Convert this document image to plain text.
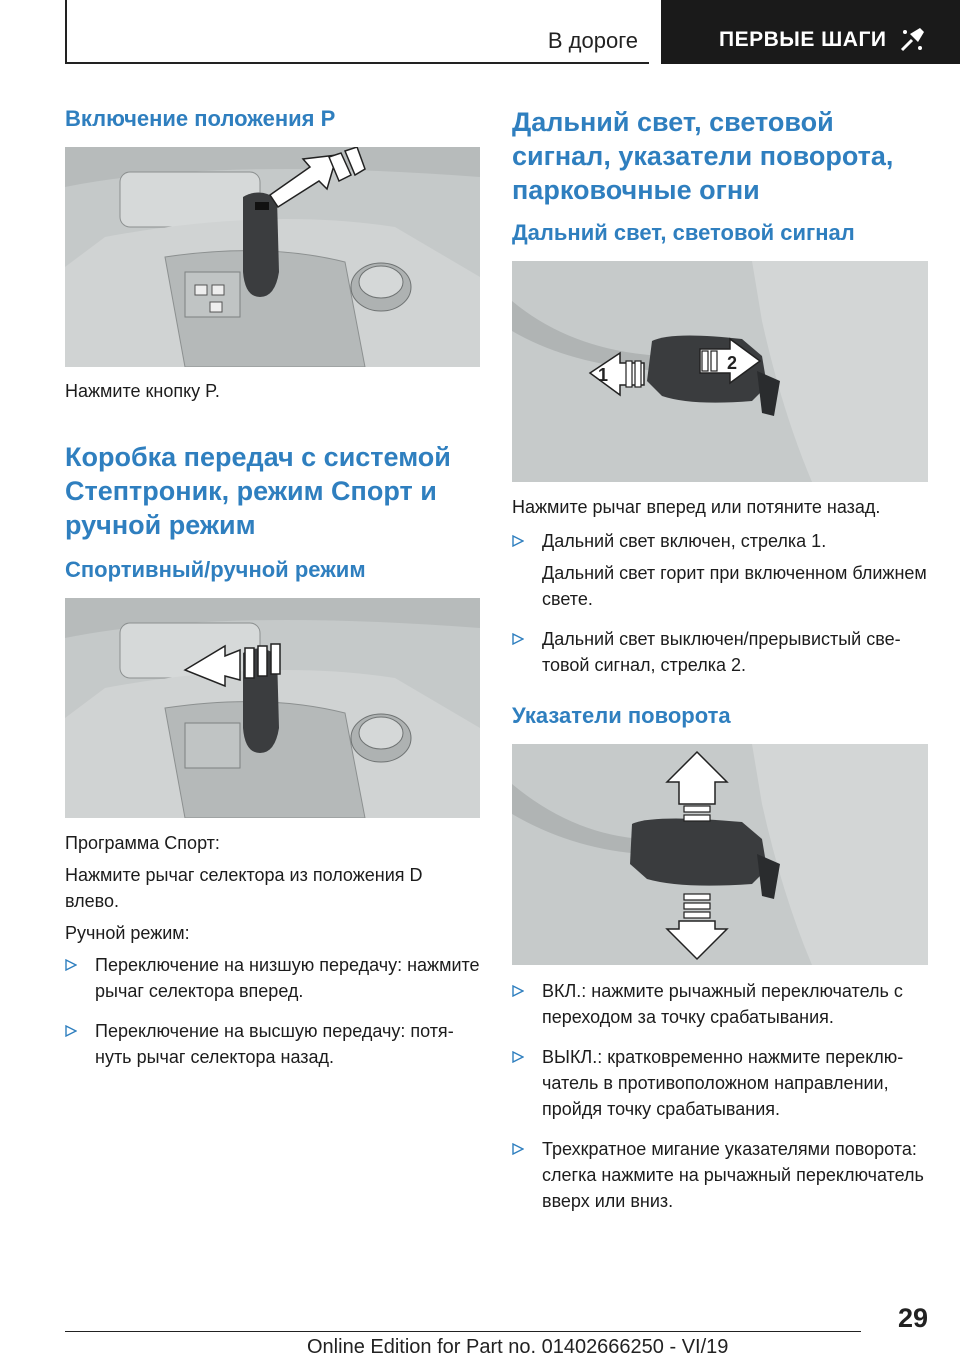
В дороге	ПЕРВЫЕ ШАГИ
Включение положения P

Нажмите кнопку P.

Коробка передач с системой Стептроник, режим Спорт и ручной режим
Спортивный/ручной режим

Программа Спорт:

Нажмите рычаг селектора из положения D влево.

Ручной режим:

Переключение на низшую передачу: нажмите рычаг селектора вперед.
Переключение на высшую передачу: потянуть рычаг селектора назад.
Дальний свет, световой сигнал, указатели поворота, парковочные огни
Дальний свет, световой сигнал
1
2

Нажмите рычаг вперед или потяните назад.

Дальний свет включен, стрелка 1.
Дальний свет горит при включенном ближнем свете.
Дальний свет выключен/прерывистый световой сигнал, стрелка 2.
Указатели поворота
ВКЛ.: нажмите рычажный переключатель с переходом за точку срабатывания.
ВЫКЛ.: кратковременно нажмите переключатель в противоположном направлении, пройдя точку срабатывания.
Трехкратное мигание указателями поворота: слегка нажмите на рычажный переключатель вверх или вниз.
29
Online Edition for Part no. 01402666250 - VI/19
